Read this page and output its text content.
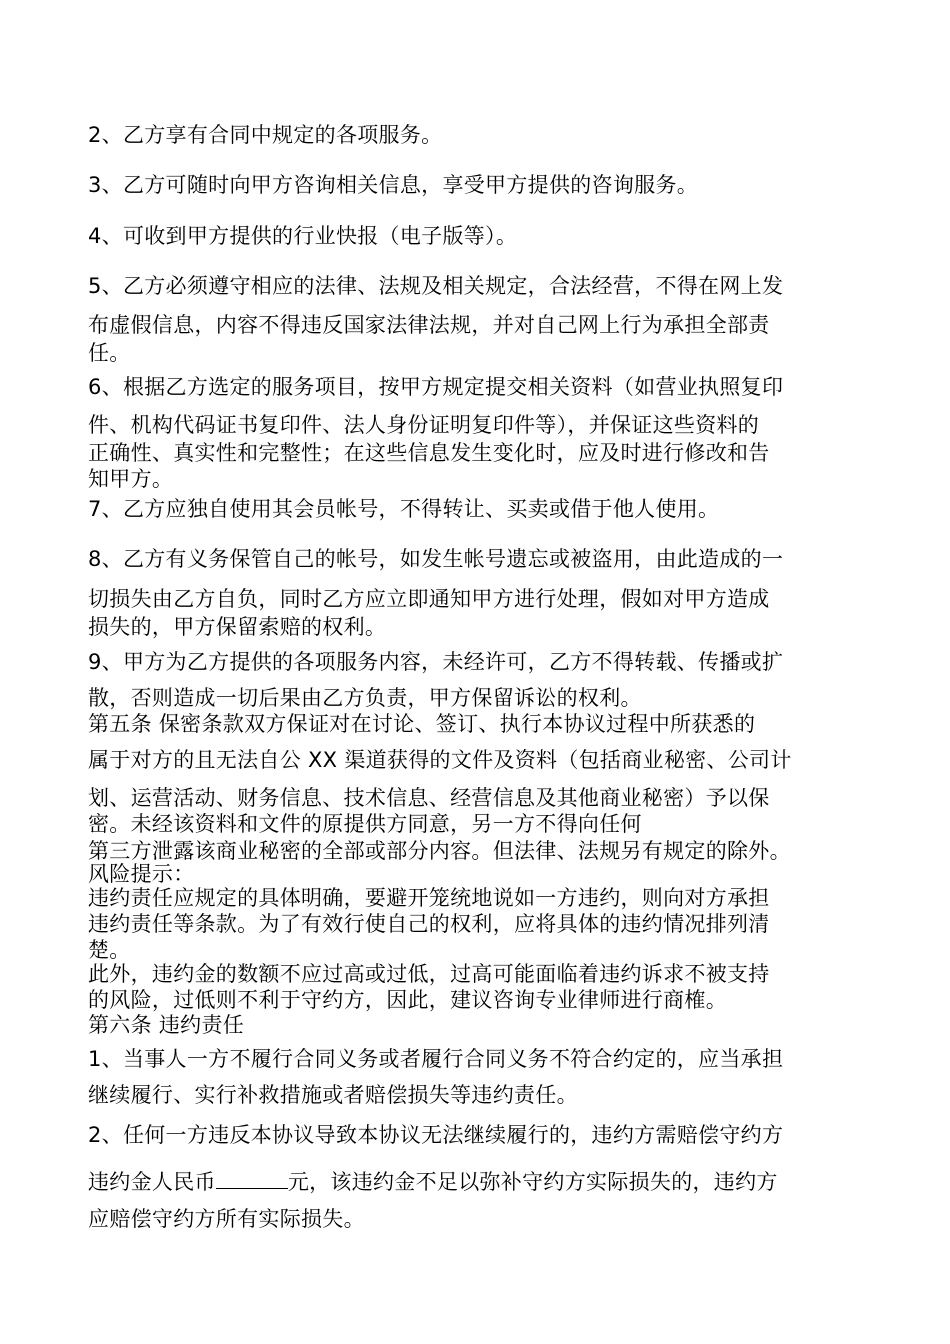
2、乙方享有合同中规定的各项服务。
3、乙方可随时向甲方咨询相关信息，享受甲方提供的咨询服务。
4、可收到甲方提供的行业快报（电子版等）。
5、乙方必须遵守相应的法律、法规及相关规定，合法经营，不得在网上发
布虚假信息，内容不得违反国家法律法规，并对自己网上行为承担全部责
任。
6、根据乙方选定的服务项目，按甲方规定提交相关资料（如营业执照复印
件、机构代码证书复印件、法人身份证明复印件等），并保证这些资料的
正确性、真实性和完整性；在这些信息发生变化时，应及时进行修改和告
知甲方。
7、乙方应独自使用其会员帐号，不得转让、买卖或借于他人使用。
8、乙方有义务保管自己的帐号，如发生帐号遗忘或被盗用，由此造成的一
切损失由乙方自负，同时乙方应立即通知甲方进行处理，假如对甲方造成
损失的，甲方保留索赔的权利。
9、甲方为乙方提供的各项服务内容，未经许可，乙方不得转载、传播或扩
散，否则造成一切后果由乙方负责，甲方保留诉讼的权利。
第五条 保密条款双方保证对在讨论、签订、执行本协议过程中所获悉的
属于对方的且无法自公 XX 渠道获得的文件及资料（包括商业秘密、公司计
划、运营活动、财务信息、技术信息、经营信息及其他商业秘密）予以保
密。未经该资料和文件的原提供方同意，另一方不得向任何
第三方泄露该商业秘密的全部或部分内容。但法律、法规另有规定的除外。
风险提示：
违约责任应规定的具体明确，要避开笼统地说如一方违约，则向对方承担
违约责任等条款。为了有效行使自己的权利，应将具体的违约情况排列清
楚。
此外，违约金的数额不应过高或过低，过高可能面临着违约诉求不被支持
的风险，过低则不利于守约方，因此，建议咨询专业律师进行商榷。
第六条 违约责任
1、当事人一方不履行合同义务或者履行合同义务不符合约定的，应当承担
继续履行、实行补救措施或者赔偿损失等违约责任。
2、任何一方违反本协议导致本协议无法继续履行的，违约方需赔偿守约方
违约金人民币	元，该违约金不足以弥补守约方实际损失的，违约方
应赔偿守约方所有实际损失。
